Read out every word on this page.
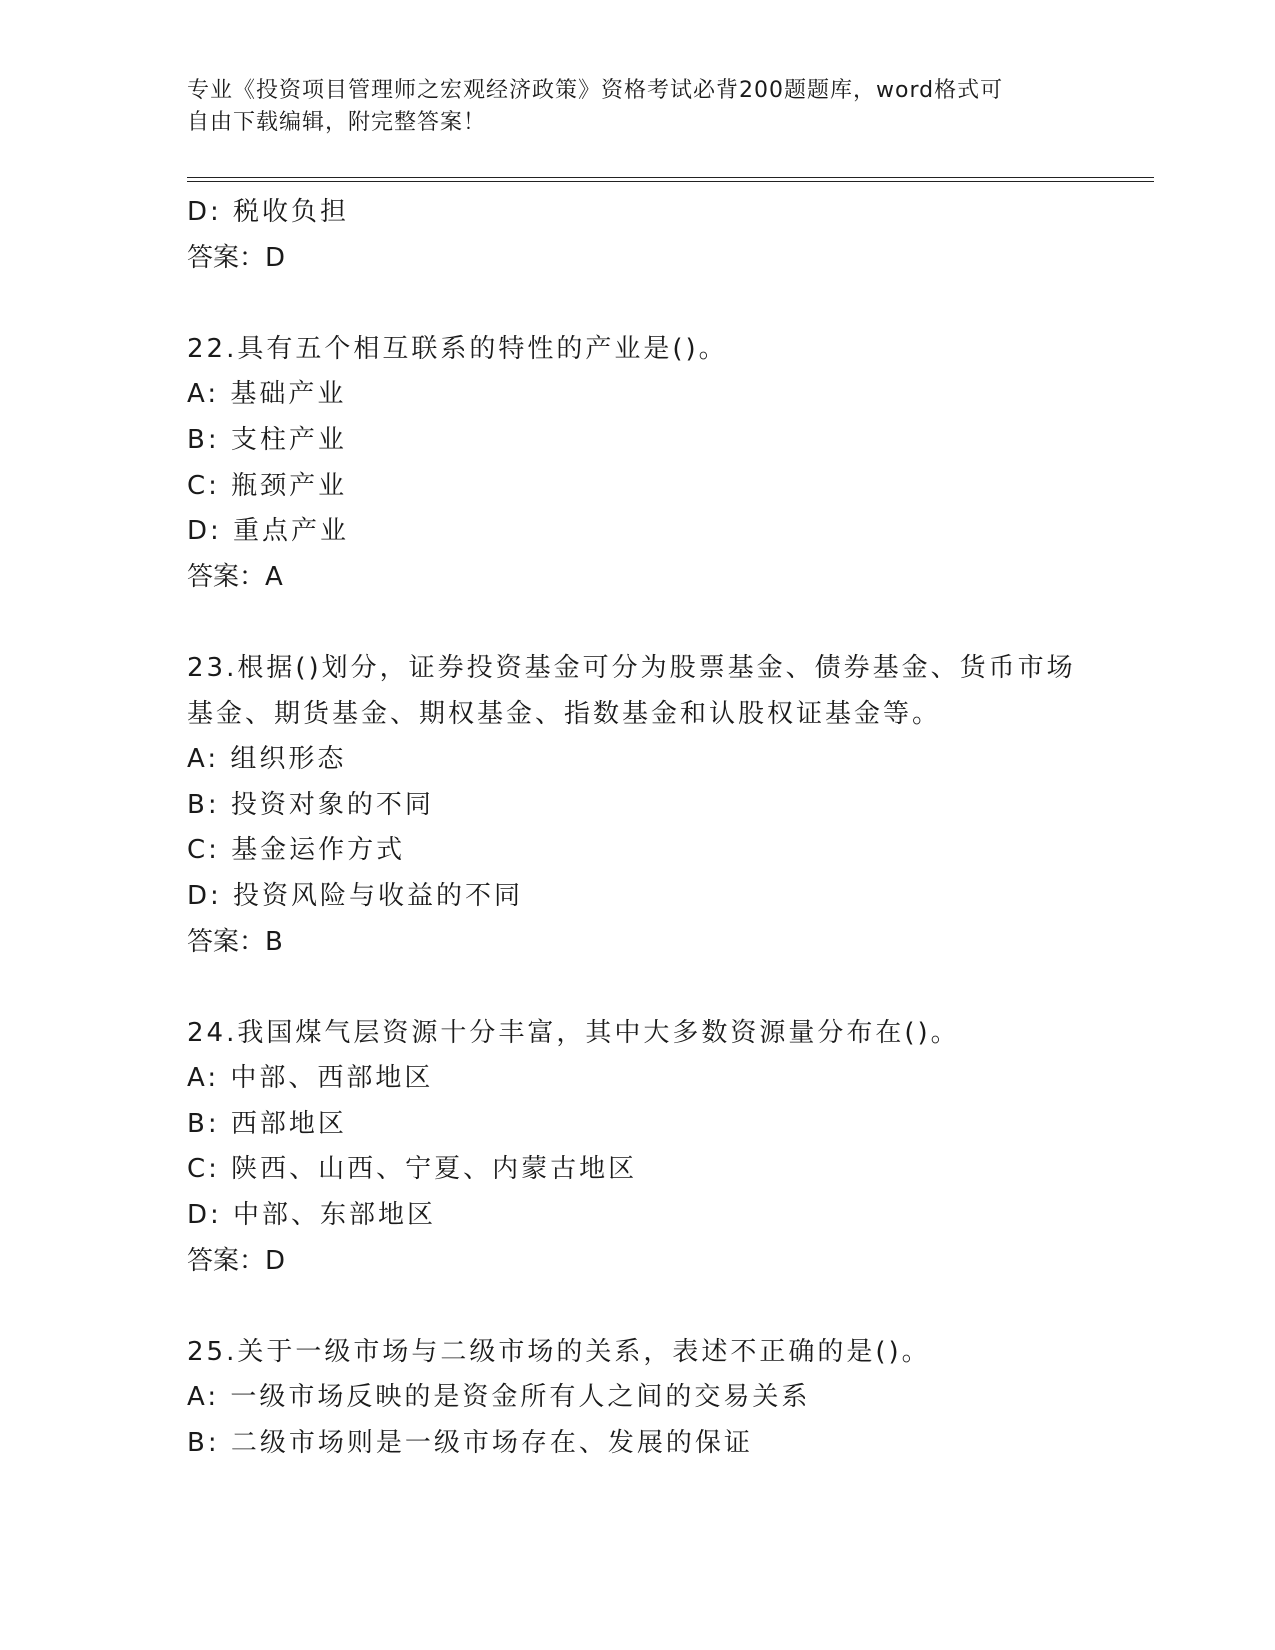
专业《投资项目管理师之宏观经济政策》资格考试必背200题题库，word格式可
自由下载编辑，附完整答案！
D: 税收负担
答案：D
22.具有五个相互联系的特性的产业是()。
A: 基础产业
B: 支柱产业
C: 瓶颈产业
D: 重点产业
答案：A
23.根据()划分，证券投资基金可分为股票基金、债券基金、货币市场
基金、期货基金、期权基金、指数基金和认股权证基金等。
A: 组织形态
B: 投资对象的不同
C: 基金运作方式
D: 投资风险与收益的不同
答案：B
24.我国煤气层资源十分丰富，其中大多数资源量分布在()。
A: 中部、西部地区
B: 西部地区
C: 陕西、山西、宁夏、内蒙古地区
D: 中部、东部地区
答案：D
25.关于一级市场与二级市场的关系，表述不正确的是()。
A: 一级市场反映的是资金所有人之间的交易关系
B: 二级市场则是一级市场存在、发展的保证
